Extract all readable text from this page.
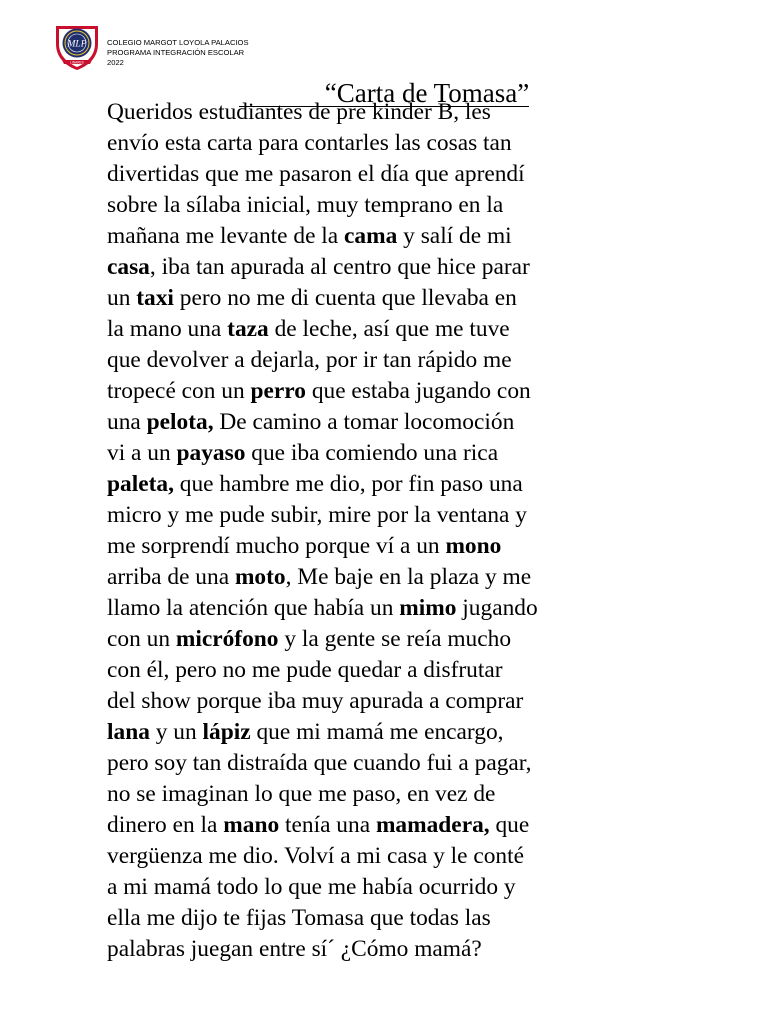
MLP
LINARES
COLEGIO MARGOT LOYOLA PALACIOS
PROGRAMA INTEGRACIÓN ESCOLAR
2022
“Carta de Tomasa”
Queridos estudiantes de pre kinder B, les
envío esta carta para contarles las cosas tan
divertidas que me pasaron el día que aprendí
sobre la sílaba inicial, muy temprano en la
mañana me levante de la cama y salí de mi
casa, iba tan apurada al centro que hice parar
un taxi pero no me di cuenta que llevaba en
la mano una taza de leche, así que me tuve
que devolver a dejarla, por ir tan rápido me
tropecé con un perro que estaba jugando con
una pelota, De camino a tomar locomoción
vi a un payaso que iba comiendo una rica
paleta, que hambre me dio, por fin paso una
micro y me pude subir, mire por la ventana y
me sorprendí mucho porque ví a un mono
arriba de una moto, Me baje en la plaza y me
llamo la atención que había un mimo jugando
con un micrófono y la gente se reía mucho
con él, pero no me pude quedar a disfrutar
del show porque iba muy apurada a comprar
lana y un lápiz que mi mamá me encargo,
pero soy tan distraída que cuando fui a pagar,
no se imaginan lo que me paso, en vez de
dinero en la mano tenía una mamadera, que
vergüenza me dio. Volví a mi casa y le conté
a mi mamá todo lo que me había ocurrido y
ella me dijo te fijas Tomasa que todas las
palabras juegan entre sí´ ¿Cómo mamá?
